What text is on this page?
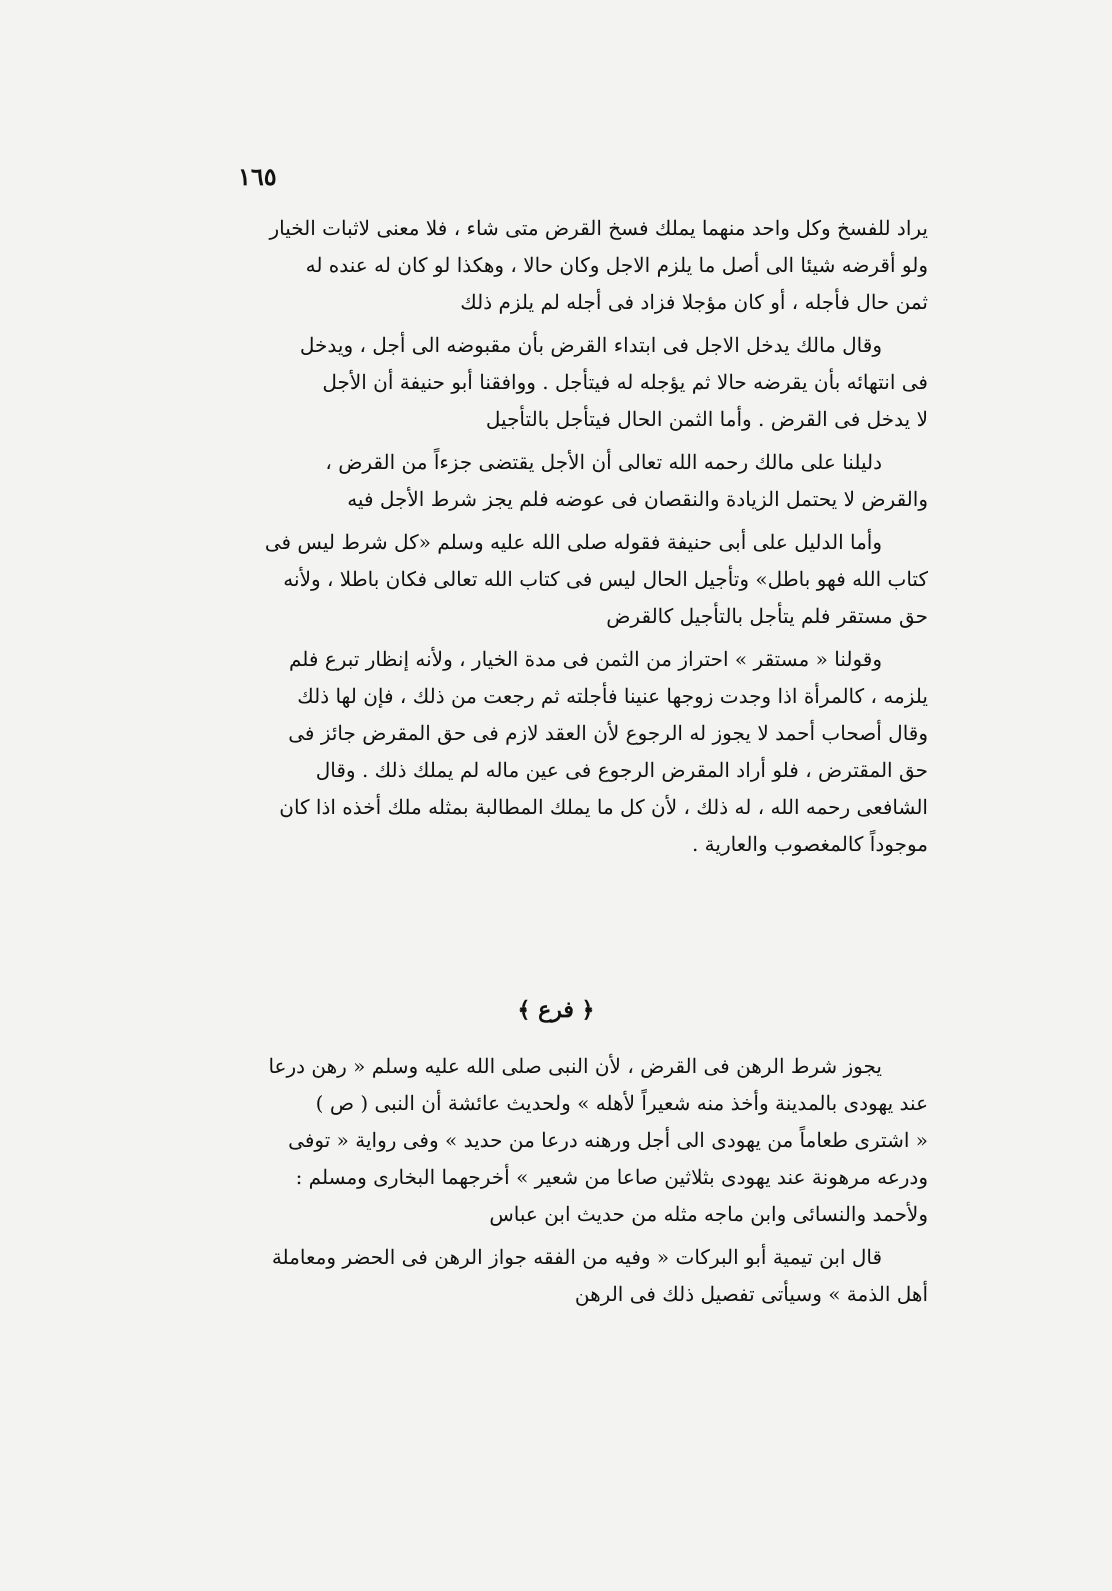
١٦٥
يراد للفسخ وكل واحد منهما يملك فسخ القرض متى شاء ، فلا معنى لاثبات الخيار
ولو أقرضه شيئا الى أصل ما يلزم الاجل وكان حالا ، وهكذا لو كان له عنده له
ثمن حال فأجله ، أو كان مؤجلا فزاد فى أجله لم يلزم ذلك
وقال مالك يدخل الاجل فى ابتداء القرض بأن مقبوضه الى أجل ، ويدخل
فى انتهائه بأن يقرضه حالا ثم يؤجله له فيتأجل . ووافقنا أبو حنيفة أن الأجل
لا يدخل فى القرض . وأما الثمن الحال فيتأجل بالتأجيل
دليلنا على مالك رحمه الله تعالى أن الأجل يقتضى جزءاً من القرض ،
والقرض لا يحتمل الزيادة والنقصان فى عوضه فلم يجز شرط الأجل فيه
وأما الدليل على أبى حنيفة فقوله صلى الله عليه وسلم «كل شرط ليس فى
كتاب الله فهو باطل» وتأجيل الحال ليس فى كتاب الله تعالى فكان باطلا ، ولأنه
حق مستقر فلم يتأجل بالتأجيل كالقرض
وقولنا « مستقر » احتراز من الثمن فى مدة الخيار ، ولأنه إنظار تبرع فلم
يلزمه ، كالمرأة اذا وجدت زوجها عنينا فأجلته ثم رجعت من ذلك ، فإن لها ذلك
وقال أصحاب أحمد لا يجوز له الرجوع لأن العقد لازم فى حق المقرض جائز فى
حق المقترض ، فلو أراد المقرض الرجوع فى عين ماله لم يملك ذلك . وقال
الشافعى رحمه الله ، له ذلك ، لأن كل ما يملك المطالبة بمثله ملك أخذه اذا كان
موجوداً كالمغصوب والعارية .
﴿ فرع ﴾
يجوز شرط الرهن فى القرض ، لأن النبى صلى الله عليه وسلم « رهن درعا
عند يهودى بالمدينة وأخذ منه شعيراً لأهله » ولحديث عائشة أن النبى ( ص )
« اشترى طعاماً من يهودى الى أجل ورهنه درعا من حديد » وفى رواية « توفى
ودرعه مرهونة عند يهودى بثلاثين صاعا من شعير » أخرجهما البخارى ومسلم :
ولأحمد والنسائى وابن ماجه مثله من حديث ابن عباس
قال ابن تيمية أبو البركات « وفيه من الفقه جواز الرهن فى الحضر ومعاملة
أهل الذمة » وسيأتى تفصيل ذلك فى الرهن
